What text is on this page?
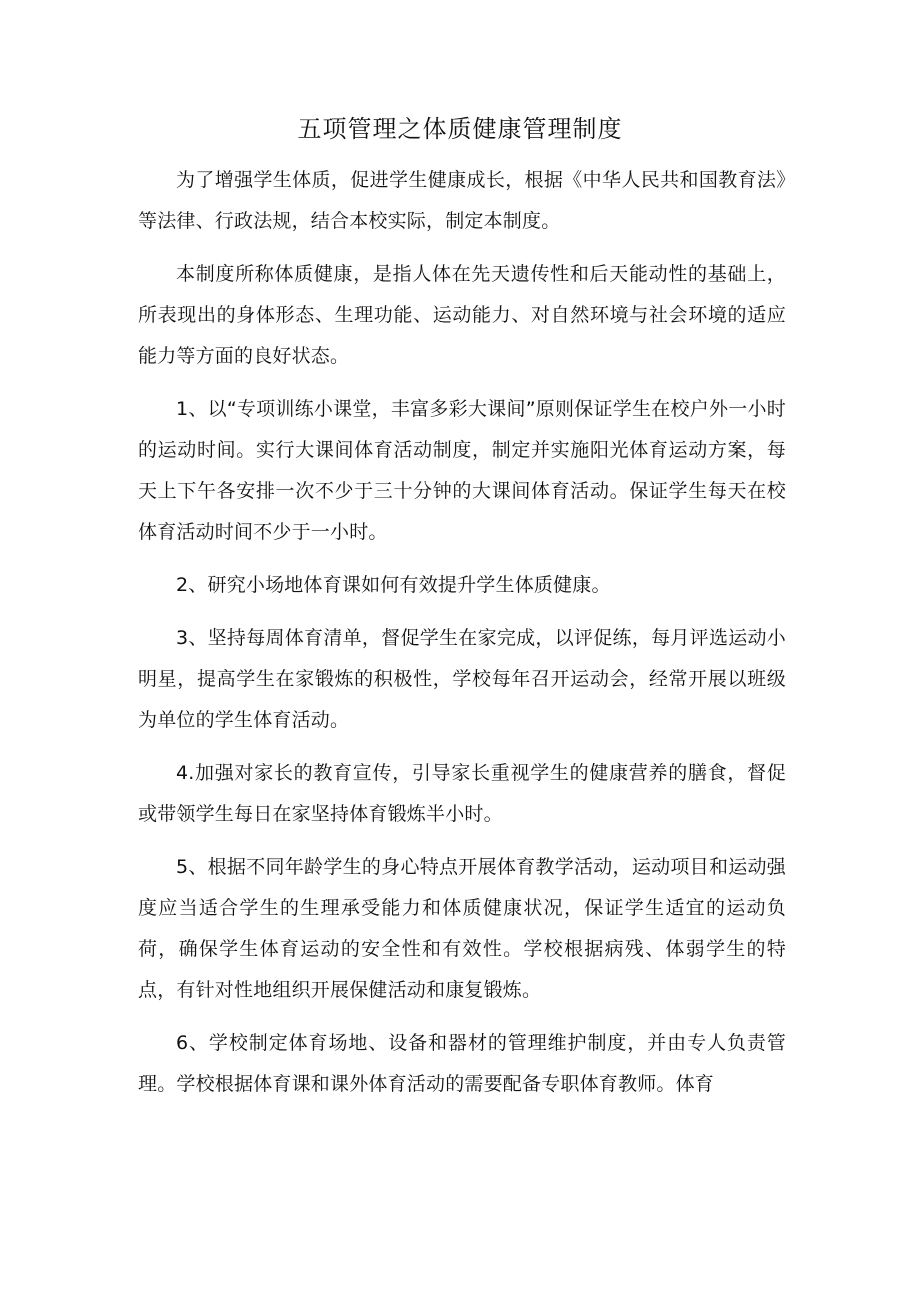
五项管理之体质健康管理制度

为了增强学生体质，促进学生健康成长，根据《中华人民共和国教育法》等法律、行政法规，结合本校实际，制定本制度。

本制度所称体质健康，是指人体在先天遗传性和后天能动性的基础上，所表现出的身体形态、生理功能、运动能力、对自然环境与社会环境的适应能力等方面的良好状态。

1、以“专项训练小课堂，丰富多彩大课间”原则保证学生在校户外一小时的运动时间。实行大课间体育活动制度，制定并实施阳光体育运动方案，每天上下午各安排一次不少于三十分钟的大课间体育活动。保证学生每天在校体育活动时间不少于一小时。

2、研究小场地体育课如何有效提升学生体质健康。

3、坚持每周体育清单，督促学生在家完成，以评促练，每月评选运动小明星，提高学生在家锻炼的积极性，学校每年召开运动会，经常开展以班级为单位的学生体育活动。

4.加强对家长的教育宣传，引导家长重视学生的健康营养的膳食，督促或带领学生每日在家坚持体育锻炼半小时。

5、根据不同年龄学生的身心特点开展体育教学活动，运动项目和运动强度应当适合学生的生理承受能力和体质健康状况，保证学生适宜的运动负荷，确保学生体育运动的安全性和有效性。学校根据病残、体弱学生的特点，有针对性地组织开展保健活动和康复锻炼。

6、学校制定体育场地、设备和器材的管理维护制度，并由专人负责管理。学校根据体育课和课外体育活动的需要配备专职体育教师。体育
